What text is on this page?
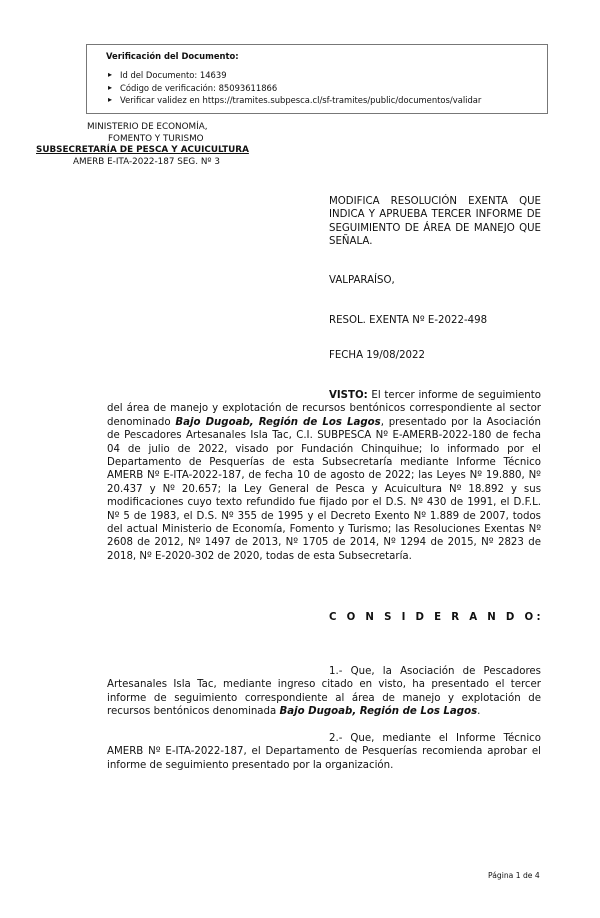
Verificación del Documento:
▸ Id del Documento: 14639
▸ Código de verificación: 85093611866
▸ Verificar validez en https://tramites.subpesca.cl/sf-tramites/public/documentos/validar
MINISTERIO DE ECONOMÍA,
FOMENTO Y TURISMO
SUBSECRETARÍA DE PESCA Y ACUICULTURA
AMERB E-ITA-2022-187 SEG. Nº 3
MODIFICA RESOLUCIÓN EXENTA QUE INDICA Y APRUEBA TERCER INFORME DE SEGUIMIENTO DE ÁREA DE MANEJO QUE SEÑALA.
VALPARAÍSO,
RESOL. EXENTA Nº E-2022-498
FECHA 19/08/2022
VISTO: El tercer informe de seguimiento del área de manejo y explotación de recursos bentónicos correspondiente al sector denominado Bajo Dugoab, Región de Los Lagos, presentado por la Asociación de Pescadores Artesanales Isla Tac, C.I. SUBPESCA Nº E-AMERB-2022-180 de fecha 04 de julio de 2022, visado por Fundación Chinquihue; lo informado por el Departamento de Pesquerías de esta Subsecretaría mediante Informe Técnico AMERB Nº E-ITA-2022-187, de fecha 10 de agosto de 2022; las Leyes Nº 19.880, Nº 20.437 y Nº 20.657; la Ley General de Pesca y Acuicultura Nº 18.892 y sus modificaciones cuyo texto refundido fue fijado por el D.S. Nº 430 de 1991, el D.F.L. Nº 5 de 1983, el D.S. Nº 355 de 1995 y el Decreto Exento Nº 1.889 de 2007, todos del actual Ministerio de Economía, Fomento y Turismo; las Resoluciones Exentas Nº 2608 de 2012, Nº 1497 de 2013, Nº 1705 de 2014, Nº 1294 de 2015, Nº 2823 de 2018, Nº E-2020-302 de 2020, todas de esta Subsecretaría.
C O N S I D E R A N D O:
1.- Que, la Asociación de Pescadores Artesanales Isla Tac, mediante ingreso citado en visto, ha presentado el tercer informe de seguimiento correspondiente al área de manejo y explotación de recursos bentónicos denominada Bajo Dugoab, Región de Los Lagos.
2.- Que, mediante el Informe Técnico AMERB Nº E-ITA-2022-187, el Departamento de Pesquerías recomienda aprobar el informe de seguimiento presentado por la organización.
Página 1 de 4
